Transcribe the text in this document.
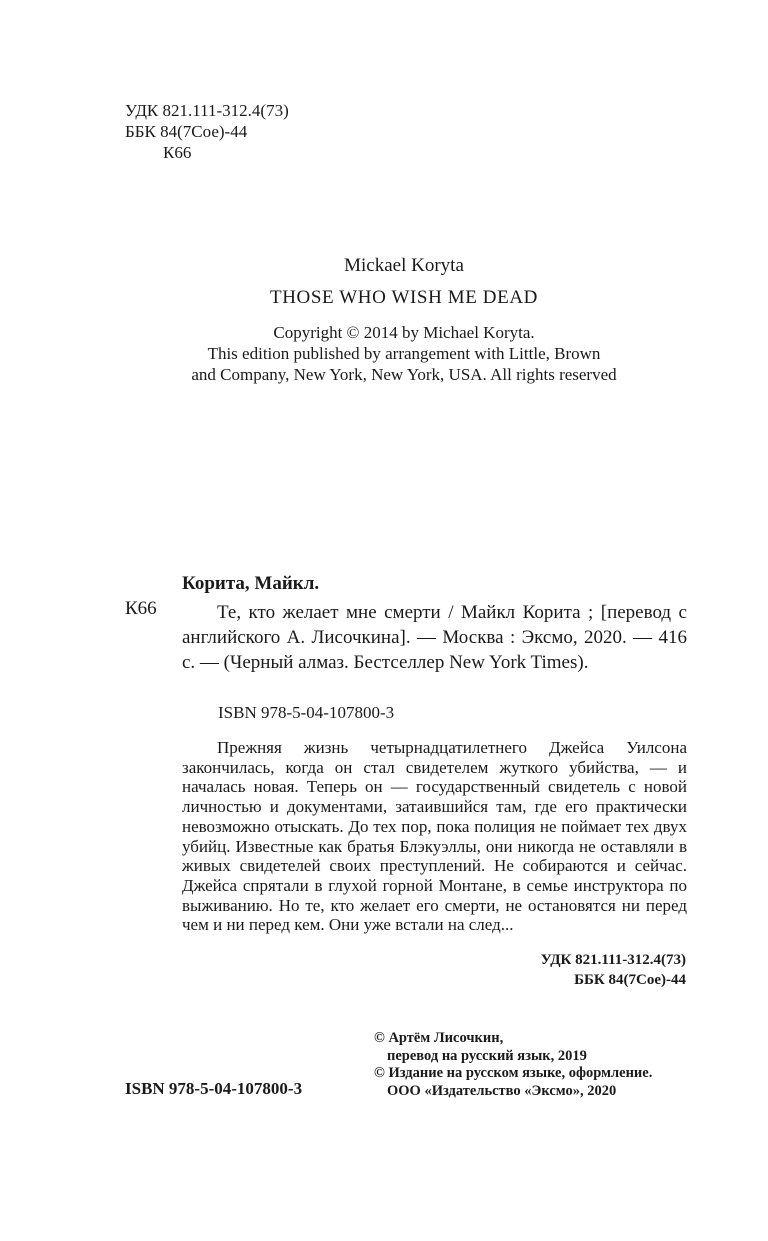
УДК 821.111-312.4(73)
ББК 84(7Сое)-44
К66
Mickael Koryta
THOSE WHO WISH ME DEAD
Copyright © 2014 by Michael Koryta.
This edition published by arrangement with Little, Brown
and Company, New York, New York, USA. All rights reserved
Корита, Майкл.
К66	Те, кто желает мне смерти / Майкл Корита ; [перевод с английского А. Лисочкина]. — Москва : Эксмо, 2020. — 416 с. — (Черный алмаз. Бестселлер New York Times).

ISBN 978-5-04-107800-3

Прежняя жизнь четырнадцатилетнего Джейса Уилсона закончилась, когда он стал свидетелем жуткого убийства, — и началась новая. Теперь он — государственный свидетель с новой личностью и документами, затаившийся там, где его практически невозможно отыскать. До тех пор, пока полиция не поймает тех двух убийц. Известные как братья Блэкуэллы, они никогда не оставляли в живых свидетелей своих преступлений. Не собираются и сейчас. Джейса спрятали в глухой горной Монтане, в семье инструктора по выживанию. Но те, кто желает его смерти, не остановятся ни перед чем и ни перед кем. Они уже встали на след...

УДК 821.111-312.4(73)
ББК 84(7Сое)-44
© Артём Лисочкин,
перевод на русский язык, 2019
© Издание на русском языке, оформление.
ООО «Издательство «Эксмо», 2020
ISBN 978-5-04-107800-3
